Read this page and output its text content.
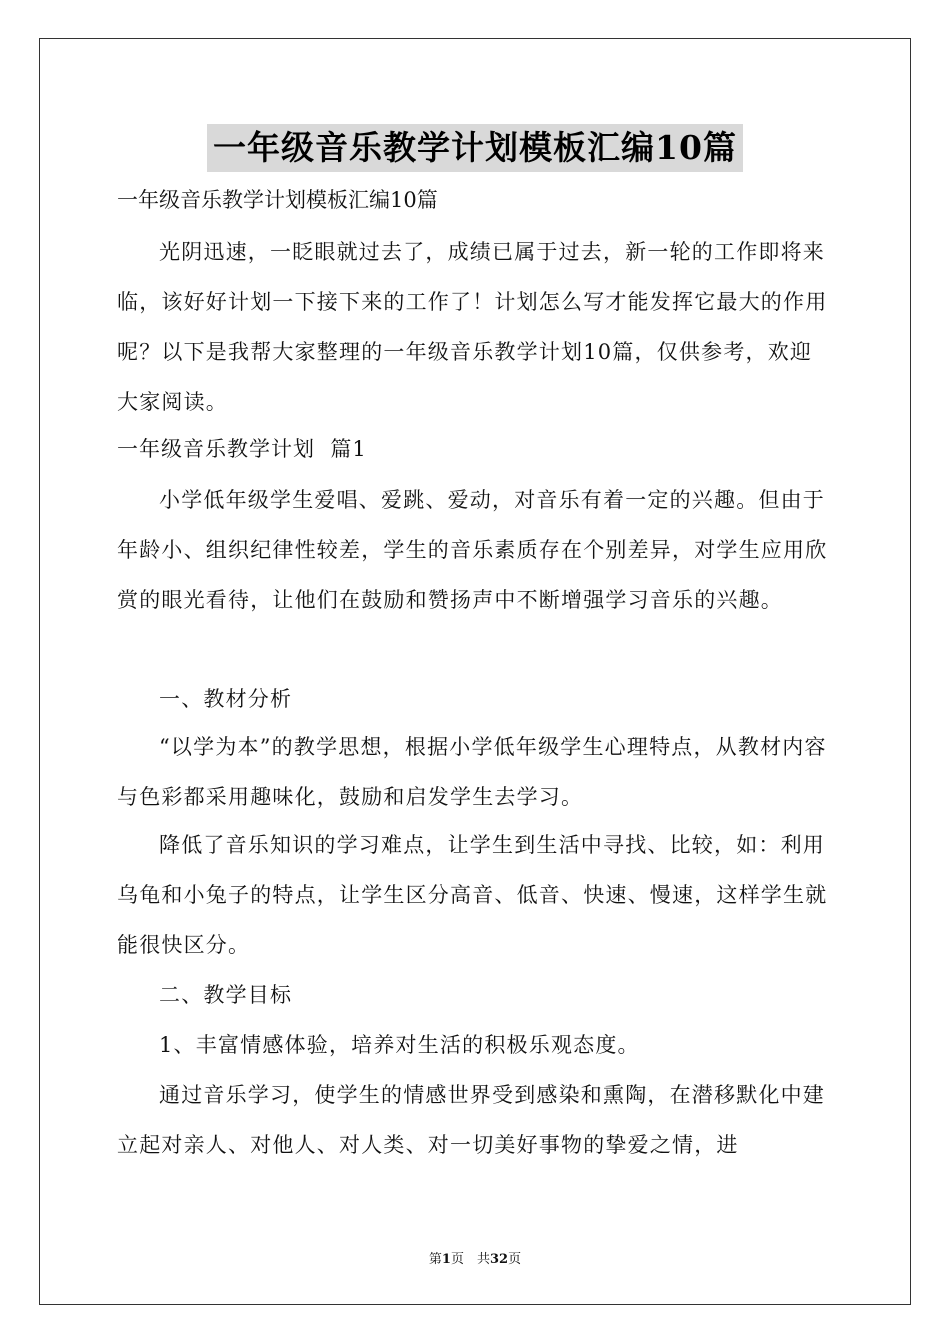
一年级音乐教学计划模板汇编10篇
一年级音乐教学计划模板汇编10篇

光阴迅速，一眨眼就过去了，成绩已属于过去，新一轮的工作即将来临，该好好计划一下接下来的工作了！计划怎么写才能发挥它最大的作用呢？以下是我帮大家整理的一年级音乐教学计划10篇，仅供参考，欢迎大家阅读。

一年级音乐教学计划  篇1

小学低年级学生爱唱、爱跳、爱动，对音乐有着一定的兴趣。但由于年龄小、组织纪律性较差，学生的音乐素质存在个别差异，对学生应用欣赏的眼光看待，让他们在鼓励和赞扬声中不断增强学习音乐的兴趣。

一、教材分析

“以学为本”的教学思想，根据小学低年级学生心理特点，从教材内容与色彩都采用趣味化，鼓励和启发学生去学习。

降低了音乐知识的学习难点，让学生到生活中寻找、比较，如：利用乌龟和小兔子的特点，让学生区分高音、低音、快速、慢速，这样学生就能很快区分。

二、教学目标

1、丰富情感体验，培养对生活的积极乐观态度。

通过音乐学习，使学生的情感世界受到感染和熏陶，在潜移默化中建立起对亲人、对他人、对人类、对一切美好事物的挚爱之情，进

第1页　共32页
